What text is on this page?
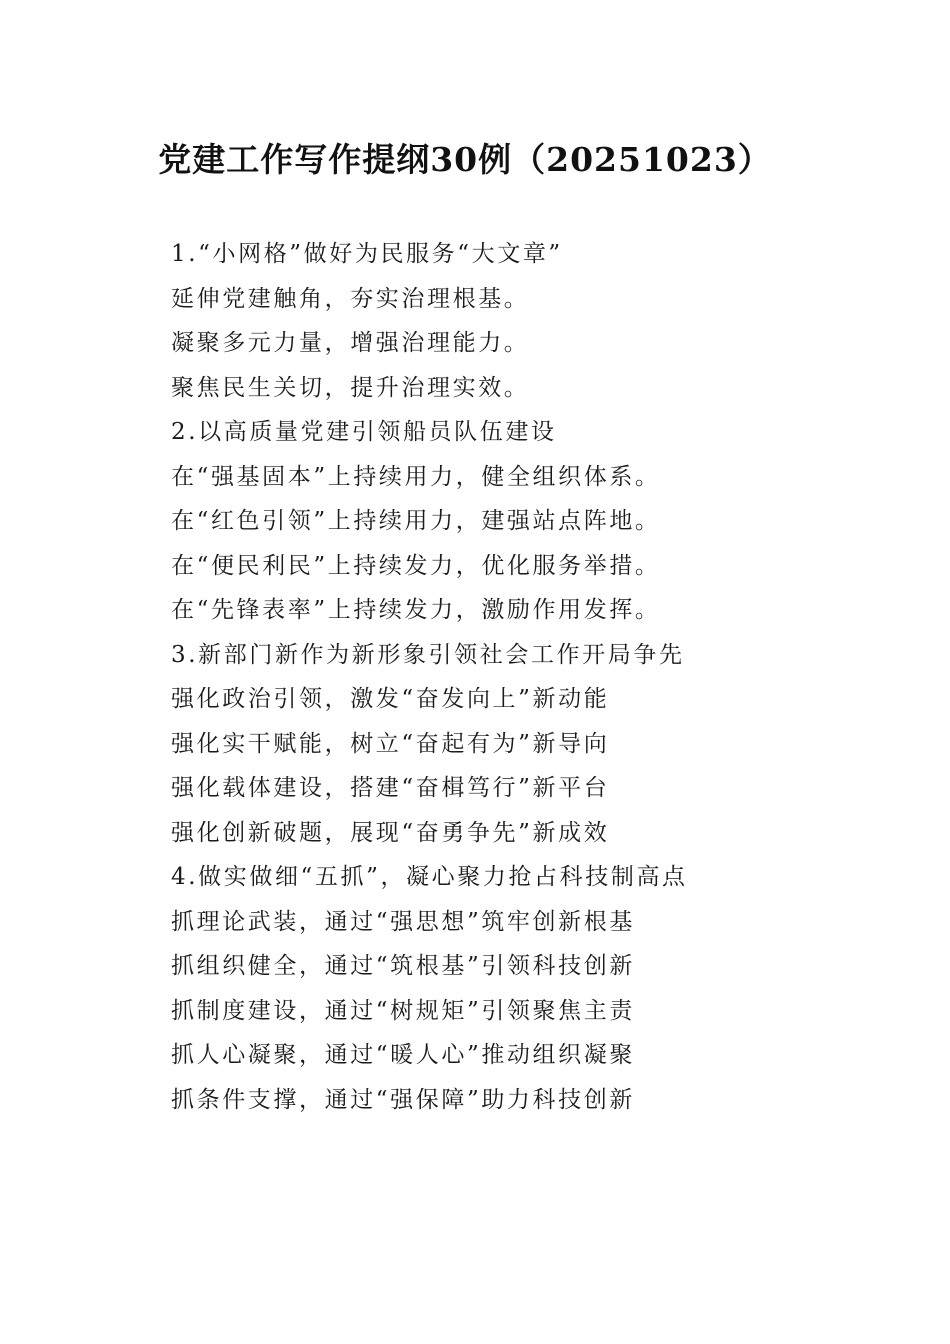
党建工作写作提纲30例（20251023）
1.“小网格”做好为民服务“大文章”
延伸党建触角，夯实治理根基。
凝聚多元力量，增强治理能力。
聚焦民生关切，提升治理实效。
2.以高质量党建引领船员队伍建设
在“强基固本”上持续用力，健全组织体系。
在“红色引领”上持续用力，建强站点阵地。
在“便民利民”上持续发力，优化服务举措。
在“先锋表率”上持续发力，激励作用发挥。
3.新部门新作为新形象引领社会工作开局争先
强化政治引领，激发“奋发向上”新动能
强化实干赋能，树立“奋起有为”新导向
强化载体建设，搭建“奋楫笃行”新平台
强化创新破题，展现“奋勇争先”新成效
4.做实做细“五抓”，凝心聚力抢占科技制高点
抓理论武装，通过“强思想”筑牢创新根基
抓组织健全，通过“筑根基”引领科技创新
抓制度建设，通过“树规矩”引领聚焦主责
抓人心凝聚，通过“暖人心”推动组织凝聚
抓条件支撑，通过“强保障”助力科技创新
